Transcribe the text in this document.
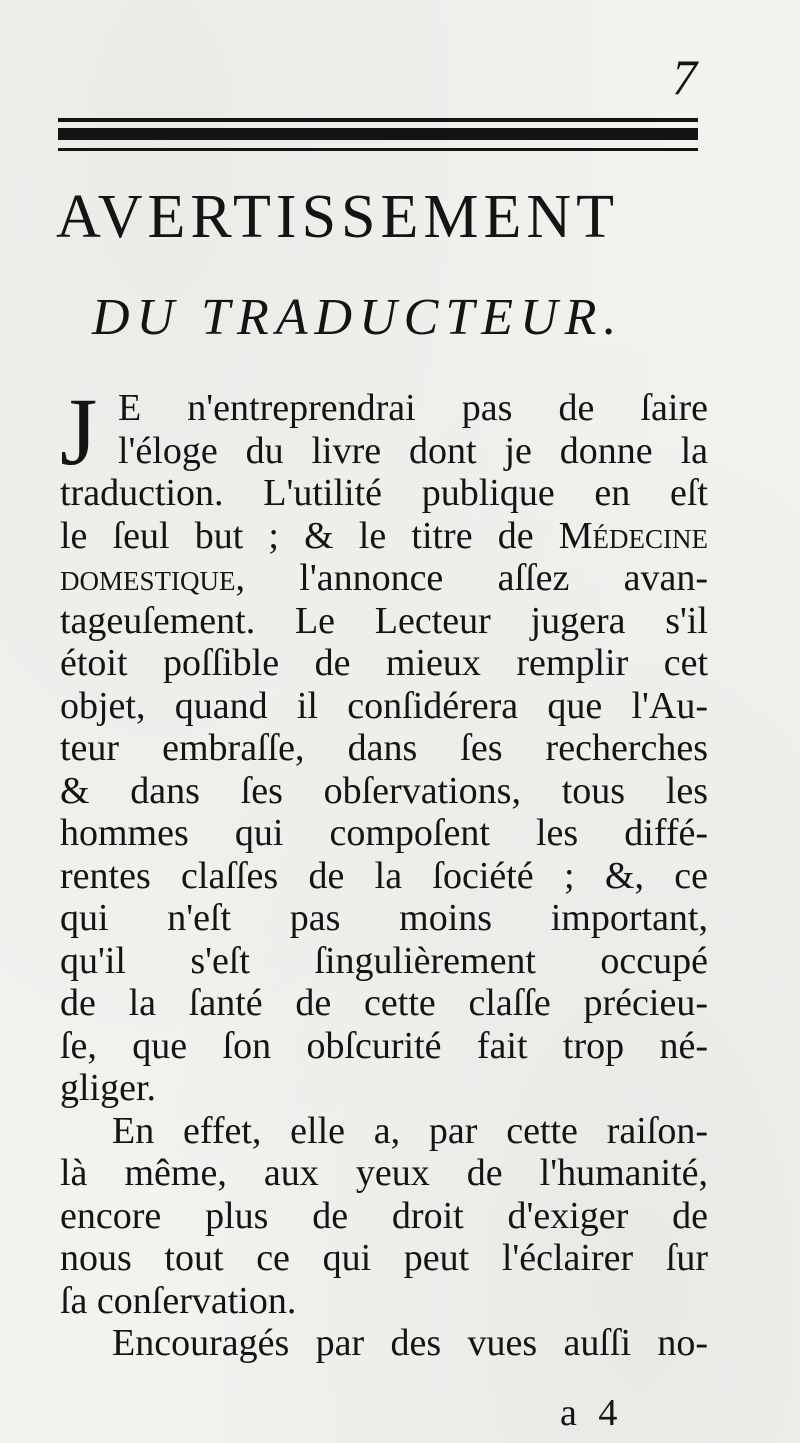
7
AVERTISSEMENT
DU TRADUCTEUR.
J E n'entreprendrai pas de ſaire
l'éloge du livre dont je donne la
traduction. L'utilité publique en eſt
le ſeul but ; & le titre de Médecine
domestique, l'annonce aſſez avan-
tageuſement. Le Lecteur jugera s'il
étoit poſſible de mieux remplir cet
objet, quand il conſidérera que l'Au-
teur embraſſe, dans ſes recherches
& dans ſes obſervations, tous les
hommes qui compoſent les diffé-
rentes claſſes de la ſociété ; &, ce
qui n'eſt pas moins important,
qu'il s'eſt ſingulièrement occupé
de la ſanté de cette claſſe précieu-
ſe, que ſon obſcurité fait trop né-
gliger.
En effet, elle a, par cette raiſon-
là même, aux yeux de l'humanité,
encore plus de droit d'exiger de
nous tout ce qui peut l'éclairer ſur
ſa conſervation.
Encouragés par des vues auſſi no-
a 4
